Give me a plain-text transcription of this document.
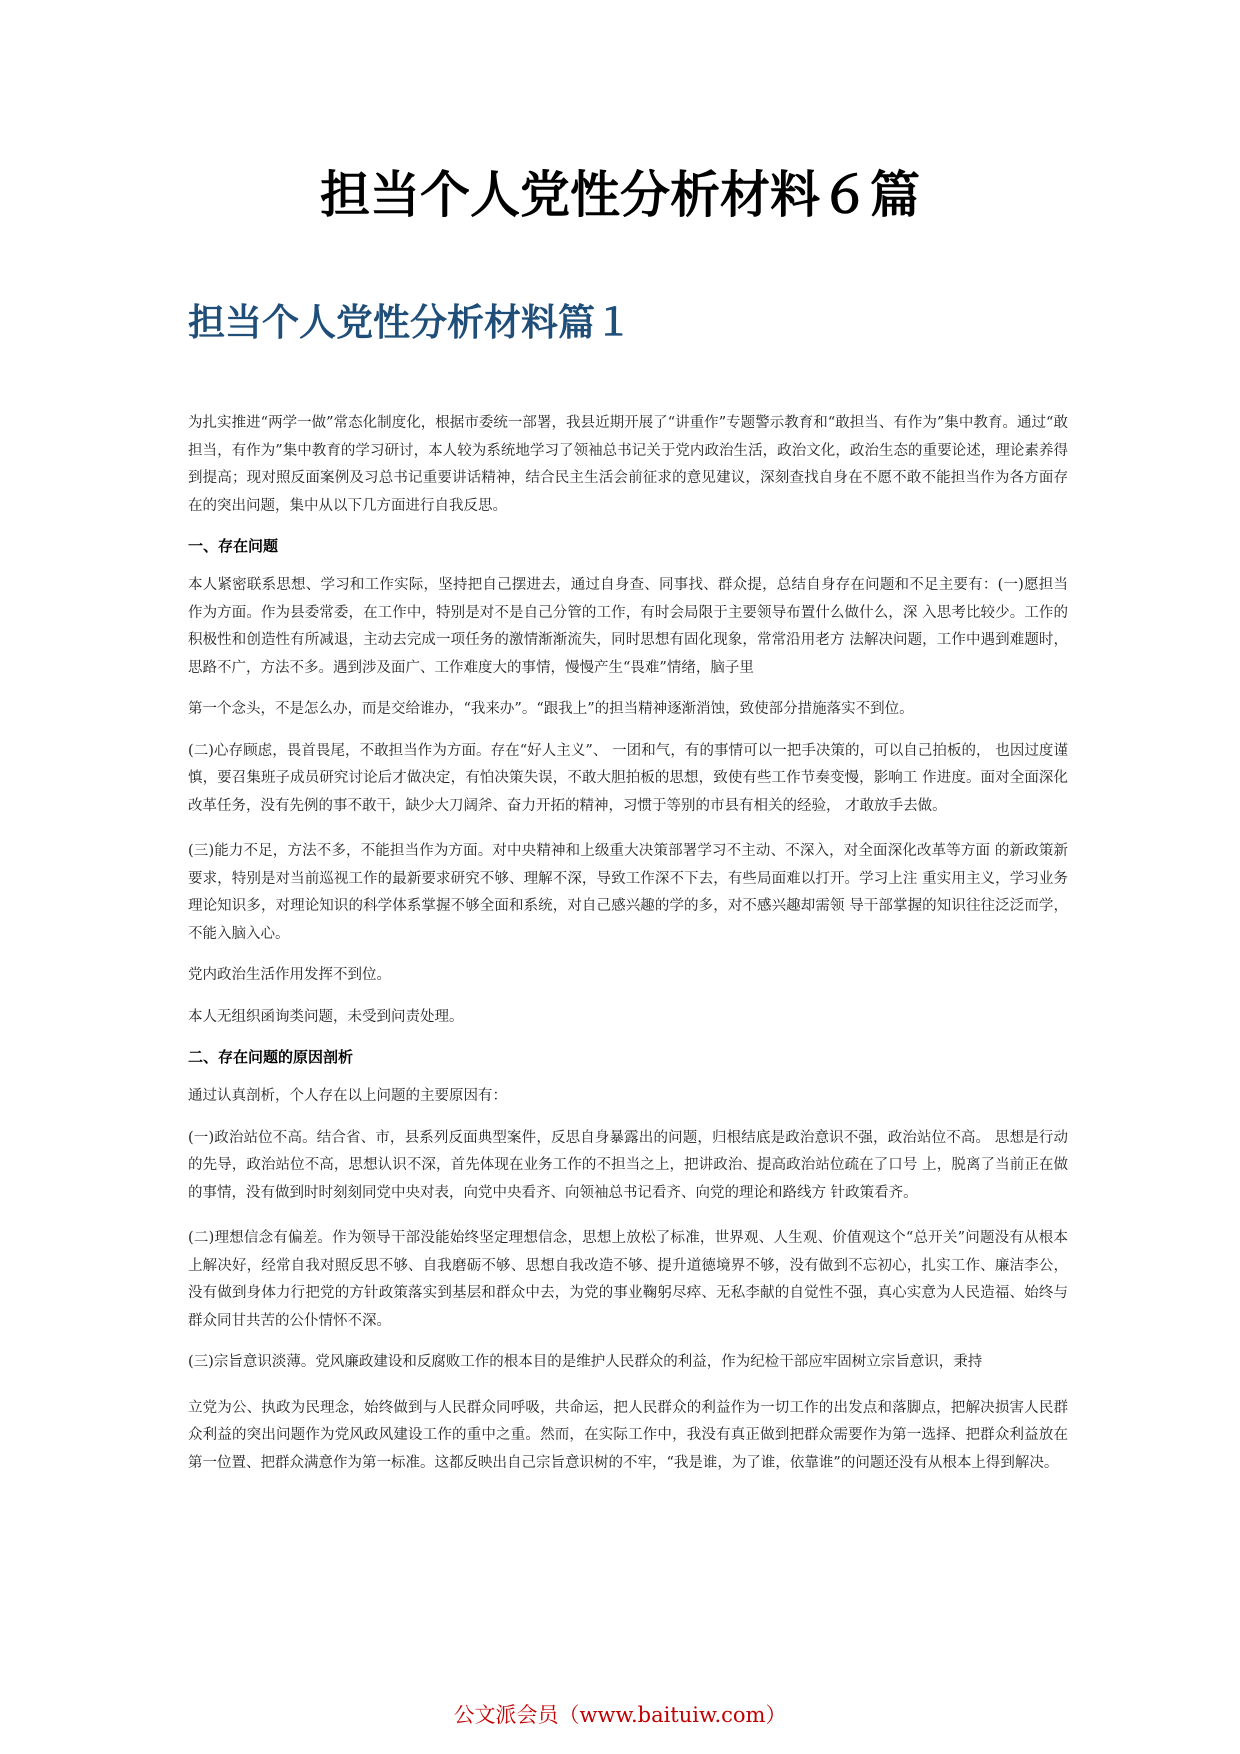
担当个人党性分析材料６篇
担当个人党性分析材料篇１

为扎实推进“两学一做”常态化制度化，根据市委统一部署，我县近期开展了“讲重作”专题警示教育和“敢担当、有作为”集中教育。通过“敢担当，有作为”集中教育的学习研讨，本人较为系统地学习了领袖总书记关于党内政治生活，政治文化，政治生态的重要论述，理论素养得到提高；现对照反面案例及习总书记重要讲话精神，结合民主生活会前征求的意见建议，深刻查找自身在不愿不敢不能担当作为各方面存在的突出问题，集中从以下几方面进行自我反思。

一、存在问题

本人紧密联系思想、学习和工作实际，坚持把自己摆进去，通过自身查、同事找、群众提，总结自身存在问题和不足主要有：(一)愿担当作为方面。作为县委常委，在工作中，特别是对不是自己分管的工作，有时会局限于主要领导布置什么做什么，深 入思考比较少。工作的积极性和创造性有所减退，主动去完成一项任务的激情渐渐流失，同时思想有固化现象，常常沿用老方 法解决问题，工作中遇到难题时，思路不广，方法不多。遇到涉及面广、工作难度大的事情，慢慢产生“畏难”情绪，脑子里

第一个念头，不是怎么办，而是交给谁办，“我来办”。“跟我上”的担当精神逐渐消蚀，致使部分措施落实不到位。

(二)心存顾虑，畏首畏尾，不敢担当作为方面。存在“好人主义”、 一团和气，有的事情可以一把手决策的，可以自己拍板的， 也因过度谨慎，要召集班子成员研究讨论后才做决定，有怕决策失误，不敢大胆拍板的思想，致使有些工作节奏变慢，影响工 作进度。面对全面深化改革任务，没有先例的事不敢干，缺少大刀阔斧、奋力开拓的精神，习惯于等别的市县有相关的经验， 才敢放手去做。

(三)能力不足，方法不多，不能担当作为方面。对中央精神和上级重大决策部署学习不主动、不深入，对全面深化改革等方面 的新政策新要求，特别是对当前巡视工作的最新要求研究不够、理解不深，导致工作深不下去，有些局面难以打开。学习上注 重实用主义，学习业务理论知识多，对理论知识的科学体系掌握不够全面和系统，对自己感兴趣的学的多，对不感兴趣却需领 导干部掌握的知识往往泛泛而学，不能入脑入心。

党内政治生活作用发挥不到位。

本人无组织函询类问题，未受到问责处理。

二、存在问题的原因剖析

通过认真剖析，个人存在以上问题的主要原因有：

(一)政治站位不高。结合省、市，县系列反面典型案件，反思自身暴露出的问题，归根结底是政治意识不强，政治站位不高。 思想是行动的先导，政治站位不高，思想认识不深，首先体现在业务工作的不担当之上，把讲政治、提高政治站位疏在了口号 上，脱离了当前正在做的事情，没有做到时时刻刻同党中央对表，向党中央看齐、向领袖总书记看齐、向党的理论和路线方 针政策看齐。

(二)理想信念有偏差。作为领导干部没能始终坚定理想信念，思想上放松了标准，世界观、人生观、价值观这个“总开关”问题没有从根本上解决好，经常自我对照反思不够、自我磨砺不够、思想自我改造不够、提升道德境界不够，没有做到不忘初心，扎实工作、廉洁李公，没有做到身体力行把党的方针政策落实到基层和群众中去，为党的事业鞠躬尽瘁、无私李献的自觉性不强，真心实意为人民造福、始终与群众同甘共苦的公仆情怀不深。

(三)宗旨意识淡薄。党风廉政建设和反腐败工作的根本目的是维护人民群众的利益，作为纪检干部应牢固树立宗旨意识，秉持

立党为公、执政为民理念，始终做到与人民群众同呼吸，共命运，把人民群众的利益作为一切工作的出发点和落脚点，把解决损害人民群众利益的突出问题作为党风政风建设工作的重中之重。然而，在实际工作中，我没有真正做到把群众需要作为第一选择、把群众利益放在第一位置、把群众满意作为第一标准。这都反映出自己宗旨意识树的不牢，“我是谁，为了谁，依靠谁”的问题还没有从根本上得到解决。

公文派会员（www.baituiw.com）
